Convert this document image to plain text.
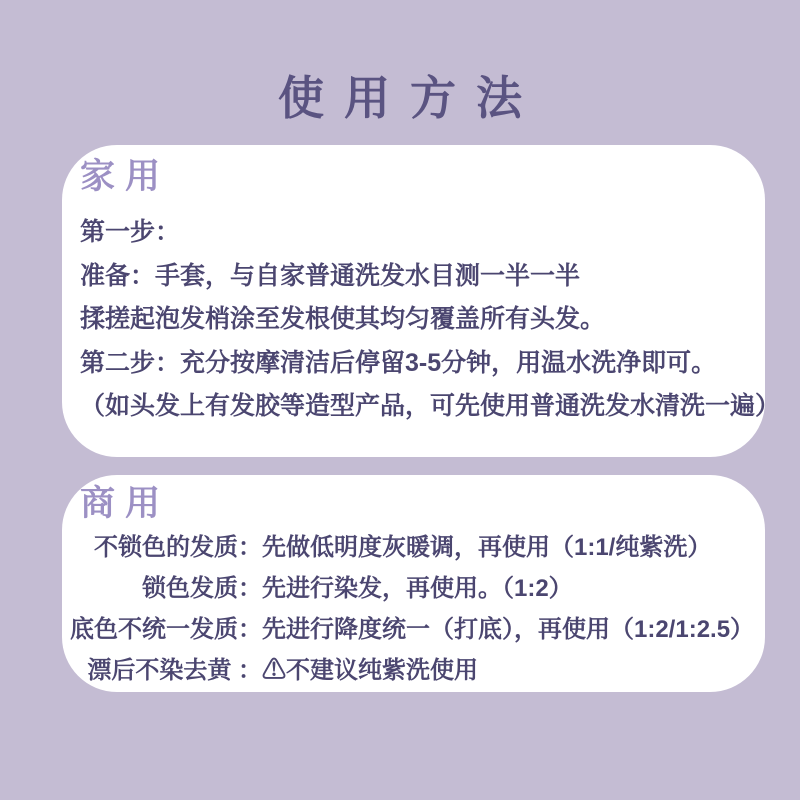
使用方法
家用
第一步：
准备：手套，与自家普通洗发水目测一半一半
揉搓起泡发梢涂至发根使其均匀覆盖所有头发。
第二步：充分按摩清洁后停留3-5分钟，用温水洗净即可。
（如头发上有发胶等造型产品，可先使用普通洗发水清洗一遍）
商用
不锁色的发质： 先做低明度灰暖调，再使用（1:1/纯紫洗）
锁色发质： 先进行染发，再使用。（1:2）
底色不统一发质： 先进行降度统一（打底），再使用（1:2/1:2.5）
漂后不染去黄 ： ⚠不建议纯紫洗使用
